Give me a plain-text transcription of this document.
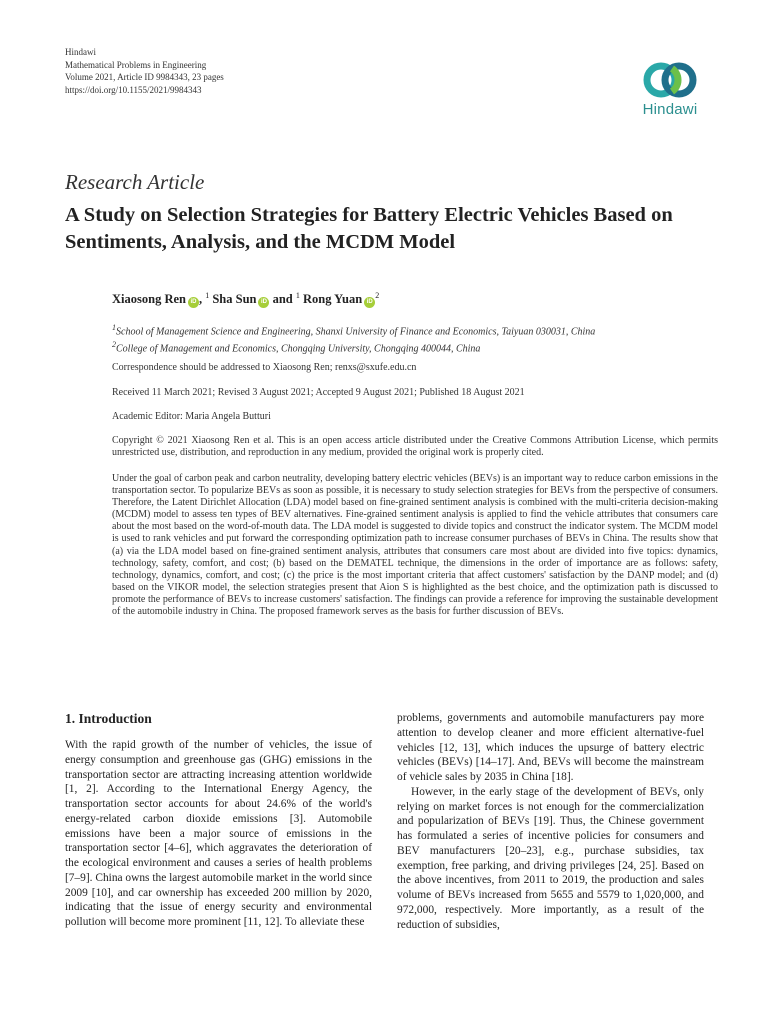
Hindawi
Mathematical Problems in Engineering
Volume 2021, Article ID 9984343, 23 pages
https://doi.org/10.1155/2021/9984343
Hindawi
Research Article
A Study on Selection Strategies for Battery Electric Vehicles Based on Sentiments, Analysis, and the MCDM Model
Xiaosong Ren iD , $^1$ Sha Sun iD and $^1$ Rong Yuan $iD^2$
$^1$School of Management Science and Engineering, Shanxi University of Finance and Economics, Taiyuan 030031, China
$^2$College of Management and Economics, Chongqing University, Chongqing 400044, China
Correspondence should be addressed to Xiaosong Ren; renxs@sxufe.edu.cn
Received 11 March 2021; Revised 3 August 2021; Accepted 9 August 2021; Published 18 August 2021
Academic Editor: Maria Angela Butturi
Copyright © 2021 Xiaosong Ren et al. This is an open access article distributed under the Creative Commons Attribution License, which permits unrestricted use, distribution, and reproduction in any medium, provided the original work is properly cited.
Under the goal of carbon peak and carbon neutrality, developing battery electric vehicles (BEVs) is an important way to reduce carbon emissions in the transportation sector. To popularize BEVs as soon as possible, it is necessary to study selection strategies for BEVs from the perspective of consumers. Therefore, the Latent Dirichlet Allocation (LDA) model based on fine-grained sentiment analysis is combined with the multi-criteria decision-making (MCDM) model to assess ten types of BEV alternatives. Fine-grained sentiment analysis is applied to find the vehicle attributes that consumers care about the most based on the word-of-mouth data. The LDA model is suggested to divide topics and construct the indicator system. The MCDM model is used to rank vehicles and put forward the corresponding optimization path to increase consumer purchases of BEVs in China. The results show that (a) via the LDA model based on fine-grained sentiment analysis, attributes that consumers care most about are divided into five topics: dynamics, technology, safety, comfort, and cost; (b) based on the DEMATEL technique, the dimensions in the order of importance are as follows: safety, technology, dynamics, comfort, and cost; (c) the price is the most important criteria that affect customers' satisfaction by the DANP model; and (d) based on the VIKOR model, the selection strategies present that Aion S is highlighted as the best choice, and the optimization path is discussed to promote the performance of BEVs to increase customers' satisfaction. The findings can provide a reference for improving the sustainable development of the automobile industry in China. The proposed framework serves as the basis for further discussion of BEVs.
1. Introduction

With the rapid growth of the number of vehicles, the issue of energy consumption and greenhouse gas (GHG) emissions in the transportation sector are attracting increasing attention worldwide [1, 2]. According to the International Energy Agency, the transportation sector accounts for about 24.6% of the world's energy-related carbon dioxide emissions [3]. Automobile emissions have been a major source of emissions in the transportation sector [4–6], which aggravates the deterioration of the ecological environment and causes a series of health problems [7–9]. China owns the largest automobile market in the world since 2009 [10], and car ownership has exceeded 200 million by 2020, indicating that the issue of energy security and environmental pollution will become more prominent [11, 12]. To alleviate these

problems, governments and automobile manufacturers pay more attention to develop cleaner and more efficient alternative-fuel vehicles [12, 13], which induces the upsurge of battery electric vehicles (BEVs) [14–17]. And, BEVs will become the mainstream of vehicle sales by 2035 in China [18].

However, in the early stage of the development of BEVs, only relying on market forces is not enough for the commercialization and popularization of BEVs [19]. Thus, the Chinese government has formulated a series of incentive policies for consumers and BEV manufacturers [20–23], e.g., purchase subsidies, tax exemption, free parking, and driving privileges [24, 25]. Based on the above incentives, from 2011 to 2019, the production and sales volume of BEVs increased from 5655 and 5579 to 1,020,000, and 972,000, respectively. More importantly, as a result of the reduction of subsidies,
